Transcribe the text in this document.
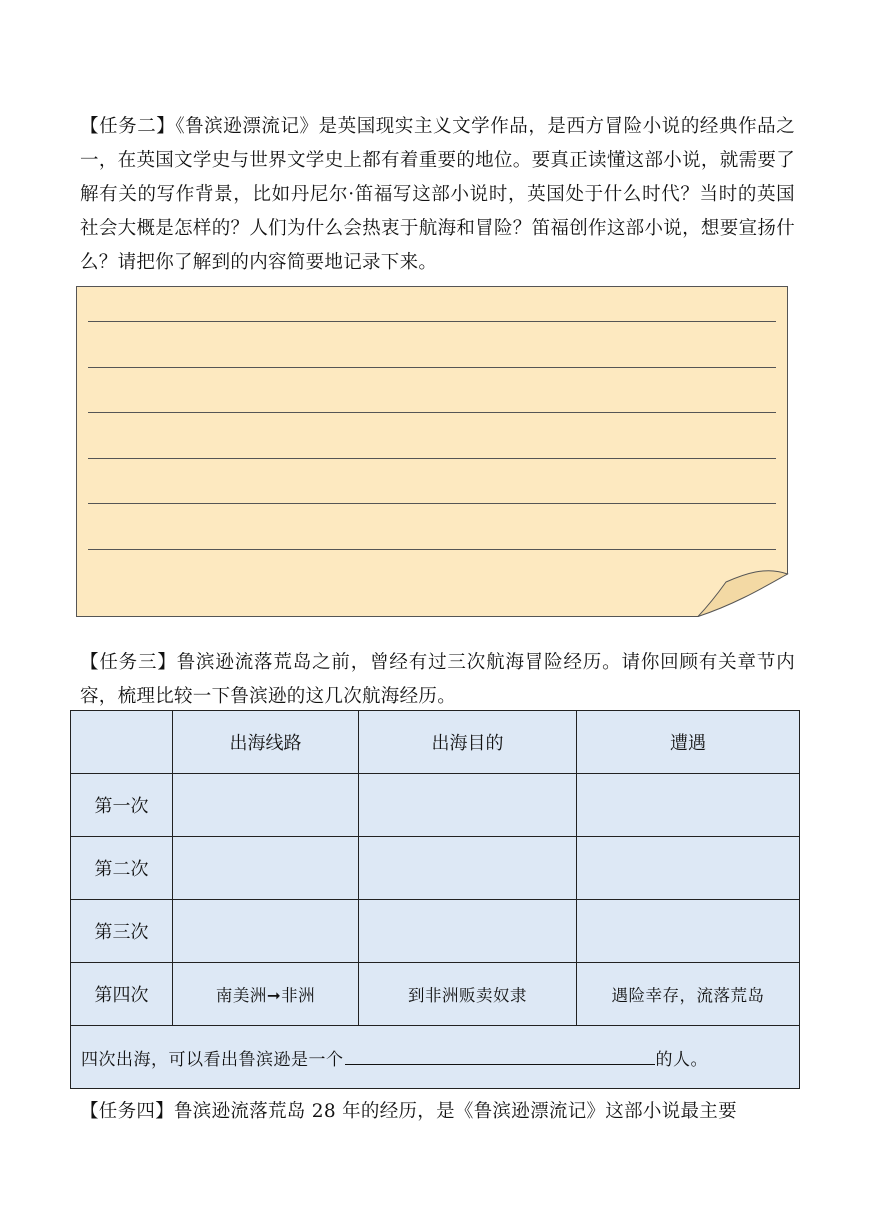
【任务二】《鲁滨逊漂流记》是英国现实主义文学作品，是西方冒险小说的经典作品之一，在英国文学史与世界文学史上都有着重要的地位。要真正读懂这部小说，就需要了解有关的写作背景，比如丹尼尔·笛福写这部小说时，英国处于什么时代？当时的英国社会大概是怎样的？人们为什么会热衷于航海和冒险？笛福创作这部小说，想要宣扬什么？请把你了解到的内容简要地记录下来。
【任务三】鲁滨逊流落荒岛之前，曾经有过三次航海冒险经历。请你回顾有关章节内容，梳理比较一下鲁滨逊的这几次航海经历。
	出海线路	出海目的	遭遇
第一次			
第二次			
第三次			
第四次	南美洲➞非洲	到非洲贩卖奴隶	遇险幸存，流落荒岛
四次出海，可以看出鲁滨逊是一个 的人。			
【任务四】鲁滨逊流落荒岛 28 年的经历，是《鲁滨逊漂流记》这部小说最主要
